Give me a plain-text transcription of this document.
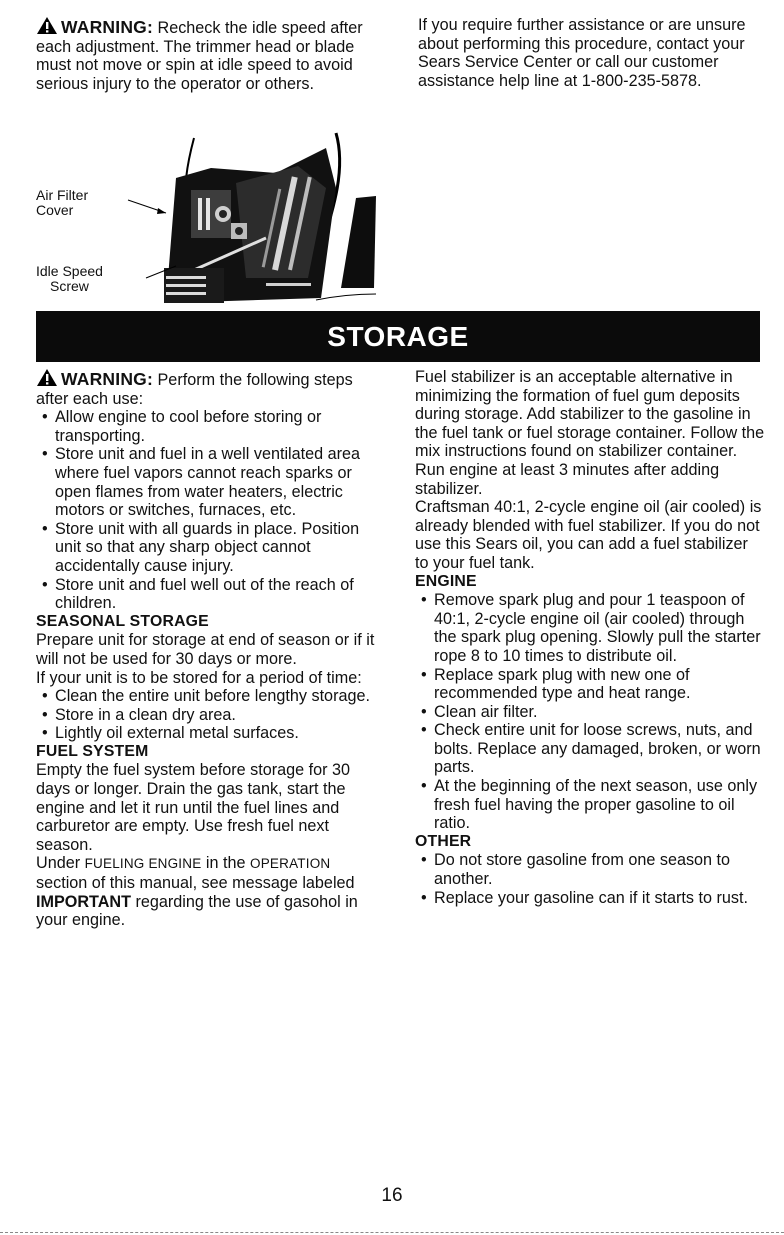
WARNING: Recheck the idle speed after each adjustment. The trimmer head or blade must not move or spin at idle speed to avoid serious injury to the operator or others.

If you require further assistance or are unsure about performing this procedure, contact your Sears Service Center or call our customer assistance help line at 1-800-235-5878.

Air Filter
Cover
Idle Speed
Screw
STORAGE

WARNING: Perform the following steps after each use:

• Allow engine to cool before storing or transporting.
• Store unit and fuel in a well ventilated area where fuel vapors cannot reach sparks or open flames from water heaters, electric motors or switches, furnaces, etc.
• Store unit with all guards in place. Position unit so that any sharp object cannot accidentally cause injury.
• Store unit and fuel well out of the reach of children.

SEASONAL STORAGE

Prepare unit for storage at end of season or if it will not be used for 30 days or more.

If your unit is to be stored for a period of time:

• Clean the entire unit before lengthy storage.
• Store in a clean dry area.
• Lightly oil external metal surfaces.

FUEL SYSTEM

Empty the fuel system before storage for 30 days or longer. Drain the gas tank, start the engine and let it run until the fuel lines and carburetor are empty. Use fresh fuel next season.

Under FUELING ENGINE in the OPERATION section of this manual, see message labeled IMPORTANT regarding the use of gasohol in your engine.

Fuel stabilizer is an acceptable alternative in minimizing the formation of fuel gum deposits during storage. Add stabilizer to the gasoline in the fuel tank or fuel storage container. Follow the mix instructions found on stabilizer container. Run engine at least 3 minutes after adding stabilizer.

Craftsman 40:1, 2-cycle engine oil (air cooled) is already blended with fuel stabilizer. If you do not use this Sears oil, you can add a fuel stabilizer to your fuel tank.

ENGINE

• Remove spark plug and pour 1 teaspoon of 40:1, 2-cycle engine oil (air cooled) through the spark plug opening. Slowly pull the starter rope 8 to 10 times to distribute oil.
• Replace spark plug with new one of recommended type and heat range.
• Clean air filter.
• Check entire unit for loose screws, nuts, and bolts. Replace any damaged, broken, or worn parts.
• At the beginning of the next season, use only fresh fuel having the proper gasoline to oil ratio.

OTHER

• Do not store gasoline from one season to another.
• Replace your gasoline can if it starts to rust.
16
